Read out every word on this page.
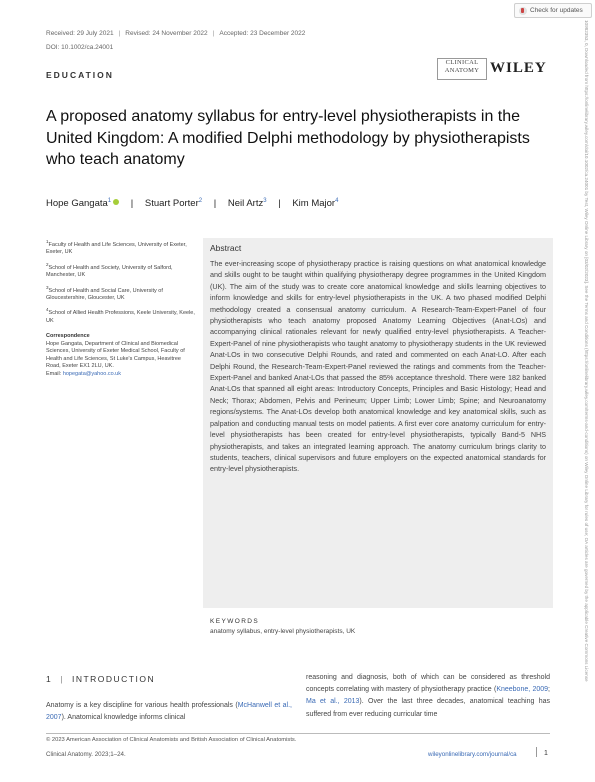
Check for updates
Received: 29 July 2021 | Revised: 24 November 2022 | Accepted: 23 December 2022
DOI: 10.1002/ca.24001
EDUCATION
CLINICAL
ANATOMY WILEY
A proposed anatomy syllabus for entry-level physiotherapists in the United Kingdom: A modified Delphi methodology by physiotherapists who teach anatomy
Hope Gangata$^1$ | Stuart Porter$^2$ | Neil Artz$^3$ | Kim Major$^4$

$^1$Faculty of Health and Life Sciences, University of Exeter, Exeter, UK

$^2$School of Health and Society, University of Salford, Manchester, UK

$^3$School of Health and Social Care, University of Gloucestershire, Gloucester, UK

$^4$School of Allied Health Professions, Keele University, Keele, UK

Correspondence
Hope Gangata, Department of Clinical and Biomedical Sciences, University of Exeter Medical School, Faculty of Health and Life Sciences, St Luke's Campus, Heavitree Road, Exeter EX1 2LU, UK.
Email: hopegata@yahoo.co.uk

Abstract
The ever-increasing scope of physiotherapy practice is raising questions on what anatomical knowledge and skills ought to be taught within qualifying physiotherapy degree programmes in the United Kingdom (UK). The aim of the study was to create core anatomical knowledge and skills learning objectives to inform knowledge and skills for entry-level physiotherapists in the UK. A two phased modified Delphi methodology created a consensual anatomy curriculum. A Research-Team-Expert-Panel of four physiotherapists who teach anatomy proposed Anatomy Learning Objectives (Anat-LOs) and accompanying clinical rationales relevant for newly qualified entry-level physiotherapists. A Teacher-Expert-Panel of nine physiotherapists who taught anatomy to physiotherapy students in the UK reviewed Anat-LOs in two consecutive Delphi Rounds, and rated and commented on each Anat-LO. After each Delphi Round, the Research-Team-Expert-Panel reviewed the ratings and comments from the Teacher-Expert-Panel and banked Anat-LOs that passed the 85% acceptance threshold. There were 182 banked Anat-LOs that spanned all eight areas: Introductory Concepts, Principles and Basic Histology; Head and Neck; Thorax; Abdomen, Pelvis and Perineum; Upper Limb; Lower Limb; Spine; and Neuroanatomy regions/systems. The Anat-LOs develop both anatomical knowledge and key anatomical skills, such as palpation and conducting manual tests on model patients. A first ever core anatomy curriculum for entry-level physiotherapists has been created for entry-level physiotherapists, typically Band-5 NHS physiotherapists, and takes an integrated learning approach. The anatomy curriculum brings clarity to students, teachers, clinical supervisors and future employers on the expected anatomical standards for entry-level physiotherapists.
KEYWORDS
anatomy syllabus, entry-level physiotherapists, UK
1 | INTRODUCTION
Anatomy is a key discipline for various health professionals (McHanwell et al., 2007). Anatomical knowledge informs clinical
reasoning and diagnosis, both of which can be considered as threshold concepts correlating with mastery of physiotherapy practice (Kneebone, 2009; Ma et al., 2013). Over the last three decades, anatomical teaching has suffered from ever reducing curricular time
© 2023 American Association of Clinical Anatomists and British Association of Clinical Anatomists.
Clinical Anatomy. 2023;1–24.	wileyonlinelibrary.com/journal/ca	1
10982353, 0, Downloaded from https://onlinelibrary.wiley.com/doi/10.1002/ca.24001 by Test, Wiley Online Library on [03/02/2023]. See the Terms and Conditions (https://onlinelibrary.wiley.com/terms-and-conditions) on Wiley Online Library for rules of use; OA articles are governed by the applicable Creative Commons License
